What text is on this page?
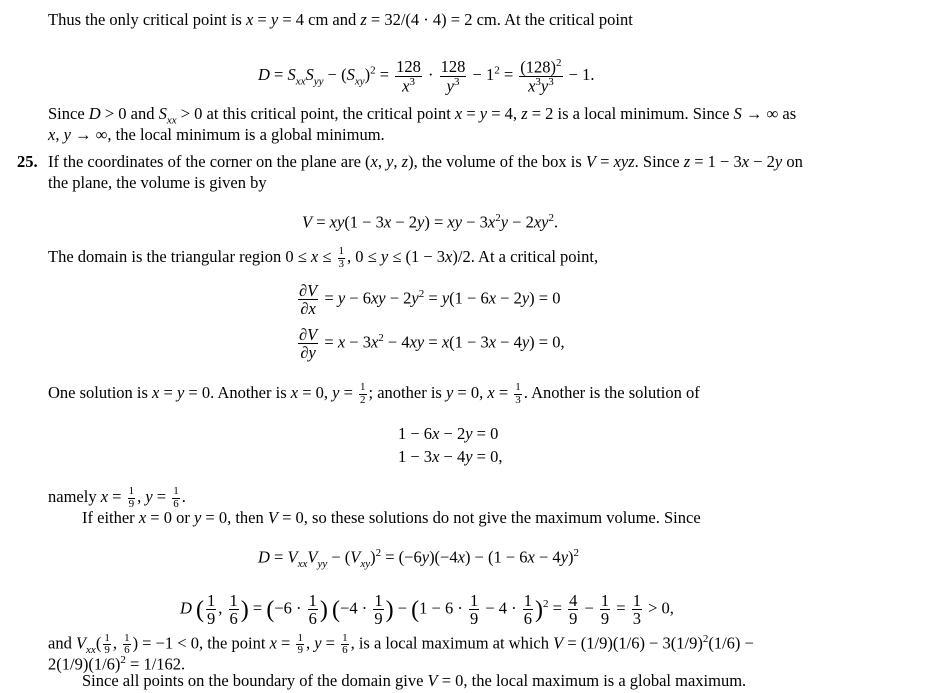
Thus the only critical point is x = y = 4 cm and z = 32/(4 · 4) = 2 cm. At the critical point
$D = S_{xx}S_{yy} - (S_{xy})^2 = \frac{128}{x^3} \cdot \frac{128}{y^3} - 1^2 = \frac{(128)^2}{x^3y^3} - 1$.
Since D > 0 and $S_{xx} > 0$ at this critical point, the critical point x = y = 4, z = 2 is a local minimum. Since S → ∞ as
x, y → ∞, the local minimum is a global minimum.
25. If the coordinates of the corner on the plane are (x, y, z), the volume of the box is V = xyz. Since z = 1 − 3x − 2y on
the plane, the volume is given by
V = xy(1 − 3x − 2y) = xy − $3x^2y - 2xy^2$.
The domain is the triangular region $0 \le x \le \frac{1}{3}$ , 0 ≤ y ≤ (1 − 3x)/2. At a critical point,
$\frac{\partial V}{\partial x} = y - 6xy - 2y^2 = y(1 - 6x - 2y) = 0$
$\frac{\partial V}{\partial y} = x - 3x^2 - 4xy = x(1 - 3x - 4y) = 0$,
One solution is x = y = 0. Another is x = 0, $y = \frac{1}{2}$ ; another is y = 0, $x = \frac{1}{3}$ . Another is the solution of
1 − 6x − 2y = 0
1 − 3x − 4y = 0,
namely $x = \frac{1}{9}$ , $y = \frac{1}{6}$ .
If either x = 0 or y = 0, then V = 0, so these solutions do not give the maximum volume. Since
$D = V_{xx}V_{yy} - (V_{xy})^2 = (-6y)(-4x) - (1 - 6x - 4y)^2$
D ( $\frac{1}{9}$ , $\frac{1}{6}$ ) = ($-6 \cdot \frac{1}{6}$ ) ($-4 \cdot \frac{1}{9}$ ) − $(1 - 6 \cdot \frac{1}{9} - 4 \cdot \frac{1}{6} )^2 = \frac{4}{9} - \frac{1}{9} = \frac{1}{3} > 0$,
and $V_{xx}( \frac{1}{9}$ , $\frac{1}{6}$ ) = −1 < 0, the point $x = \frac{1}{9}$ , $y = \frac{1}{6}$ , is a local maximum at which $V = (1/9)(1/6) - 3(1/9)^2(1/6)$ −
$2(1/9)(1/6)^2 = 1/162$.
Since all points on the boundary of the domain give V = 0, the local maximum is a global maximum.
